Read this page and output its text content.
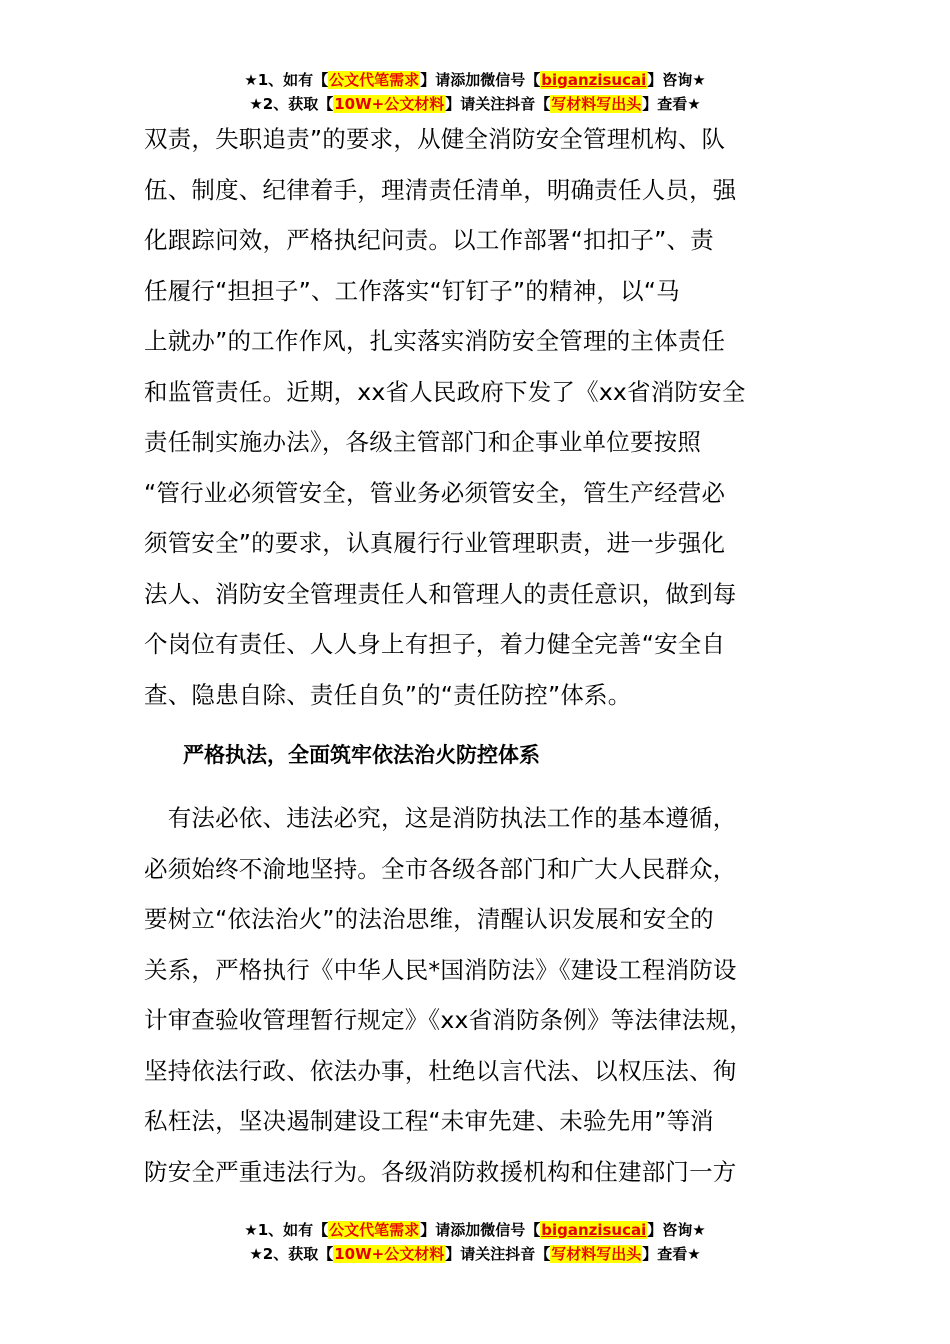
★1、如有【公文代笔需求】请添加微信号【biganzisucai】咨询★
★2、获取【10W+公文材料】请关注抖音【写材料写出头】查看★
双责，失职追责”的要求，从健全消防安全管理机构、队
伍、制度、纪律着手，理清责任清单，明确责任人员，强
化跟踪问效，严格执纪问责。以工作部署“扣扣子”、责
任履行“担担子”、工作落实“钉钉子”的精神，以“马
上就办”的工作作风，扎实落实消防安全管理的主体责任
和监管责任。近期，xx省人民政府下发了《xx省消防安全
责任制实施办法》，各级主管部门和企事业单位要按照
“管行业必须管安全，管业务必须管安全，管生产经营必
须管安全”的要求，认真履行行业管理职责，进一步强化
法人、消防安全管理责任人和管理人的责任意识，做到每
个岗位有责任、人人身上有担子，着力健全完善“安全自
查、隐患自除、责任自负”的“责任防控”体系。
严格执法，全面筑牢依法治火防控体系
　有法必依、违法必究，这是消防执法工作的基本遵循，
必须始终不渝地坚持。全市各级各部门和广大人民群众，
要树立“依法治火”的法治思维，清醒认识发展和安全的
关系，严格执行《中华人民*国消防法》《建设工程消防设
计审查验收管理暂行规定》《xx省消防条例》等法律法规，
坚持依法行政、依法办事，杜绝以言代法、以权压法、徇
私枉法，坚决遏制建设工程“未审先建、未验先用”等消
防安全严重违法行为。各级消防救援机构和住建部门一方
★1、如有【公文代笔需求】请添加微信号【biganzisucai】咨询★
★2、获取【10W+公文材料】请关注抖音【写材料写出头】查看★
